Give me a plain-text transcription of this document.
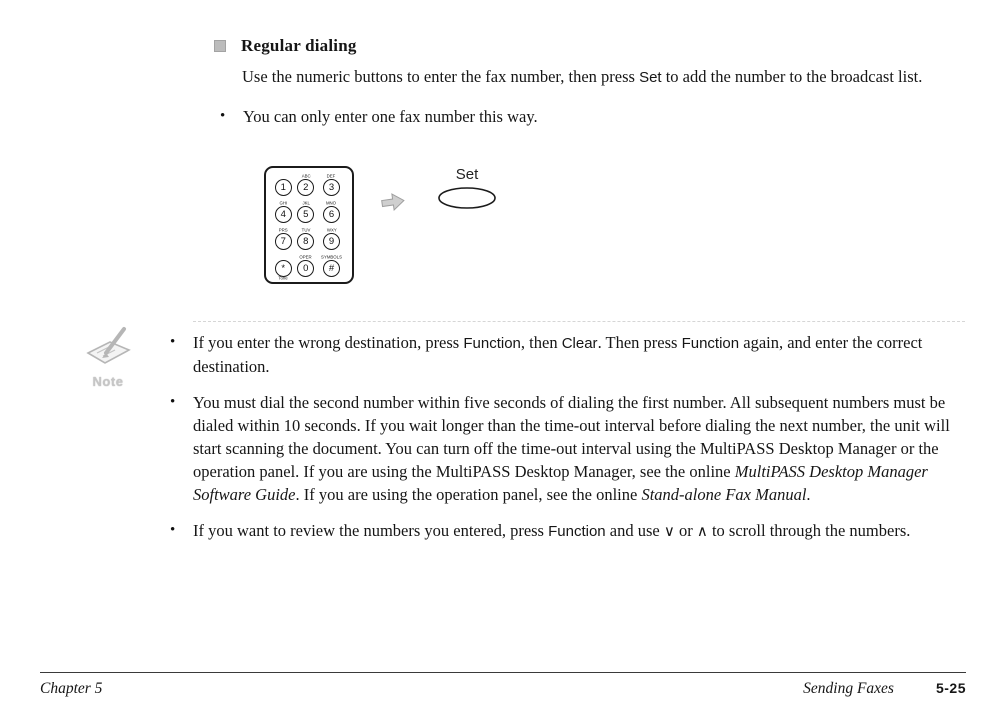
Regular dialing

Use the numeric buttons to enter the fax number, then press Set to add the number to the broadcast list.

•	You can only enter one fax number this way.
1
ABC
2
DEF
3
GHI
4
JKL
5
MNO
6
PRS
7
TUV
8
WXY
9
*
Tone
OPER
0
SYMBOLS
#
Set
Note
•	If you enter the wrong destination, press Function, then Clear. Then press Function again, and enter the correct destination.
•	You must dial the second number within five seconds of dialing the first number. All subsequent numbers must be dialed within 10 seconds. If you wait longer than the time-out interval before dialing the next number, the unit will start scanning the document. You can turn off the time-out interval using the MultiPASS Desktop Manager or the operation panel. If you are using the MultiPASS Desktop Manager, see the online MultiPASS Desktop Manager Software Guide. If you are using the operation panel, see the online Stand-alone Fax Manual.
•	If you want to review the numbers you entered, press Function and use ∨ or ∧ to scroll through the numbers.
Chapter 5	Sending Faxes	5-25
